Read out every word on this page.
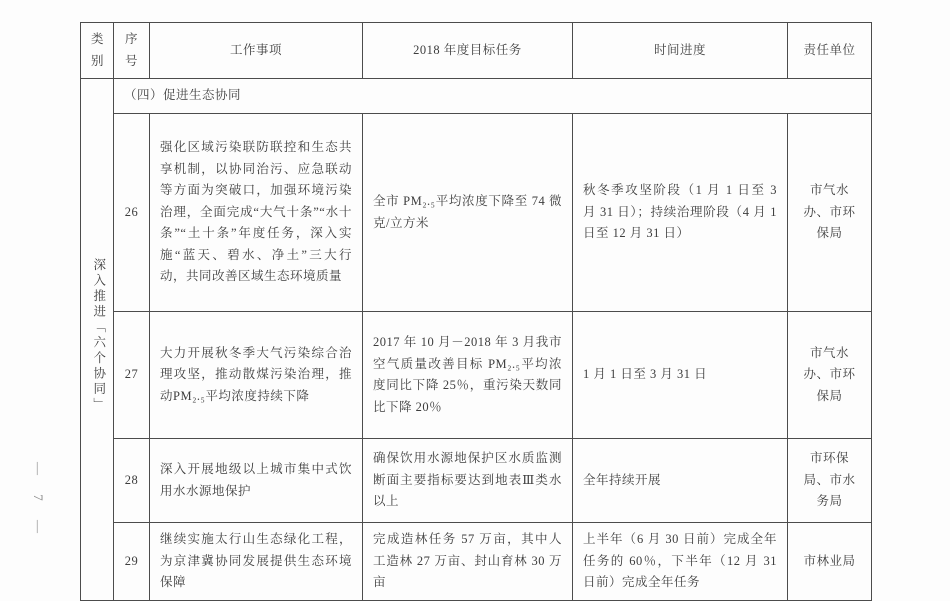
— 7 —
类别	序号	工作事项	2018 年度目标任务	时间进度	责任单位
深入推进﹁六个协同﹂	（四）促进生态协同				
	26	强化区域污染联防联控和生态共享机制，以协同治污、应急联动等方面为突破口，加强环境污染治理，全面完成“大气十条”“水十条”“土十条”年度任务，深入实施“蓝天、碧水、净土”三大行动，共同改善区域生态环境质量	全市 PM₂.₅平均浓度下降至 74 微克/立方米	秋冬季攻坚阶段（1 月 1 日至 3 月 31 日）；持续治理阶段（4 月 1 日至 12 月 31 日）	市气水办、市环保局
	27	大力开展秋冬季大气污染综合治理攻坚，推动散煤污染治理，推动PM₂.₅平均浓度持续下降	2017 年 10 月－2018 年 3 月我市空气质量改善目标 PM₂.₅平均浓度同比下降 25％，重污染天数同比下降 20％	1 月 1 日至 3 月 31 日	市气水办、市环保局
	28	深入开展地级以上城市集中式饮用水水源地保护	确保饮用水源地保护区水质监测断面主要指标要达到地表Ⅲ类水以上	全年持续开展	市环保局、市水务局
	29	继续实施太行山生态绿化工程，为京津冀协同发展提供生态环境保障	完成造林任务 57 万亩，其中人工造林 27 万亩、封山育林 30 万亩	上半年（6 月 30 日前）完成全年任务的 60％，下半年（12 月 31 日前）完成全年任务	市林业局
